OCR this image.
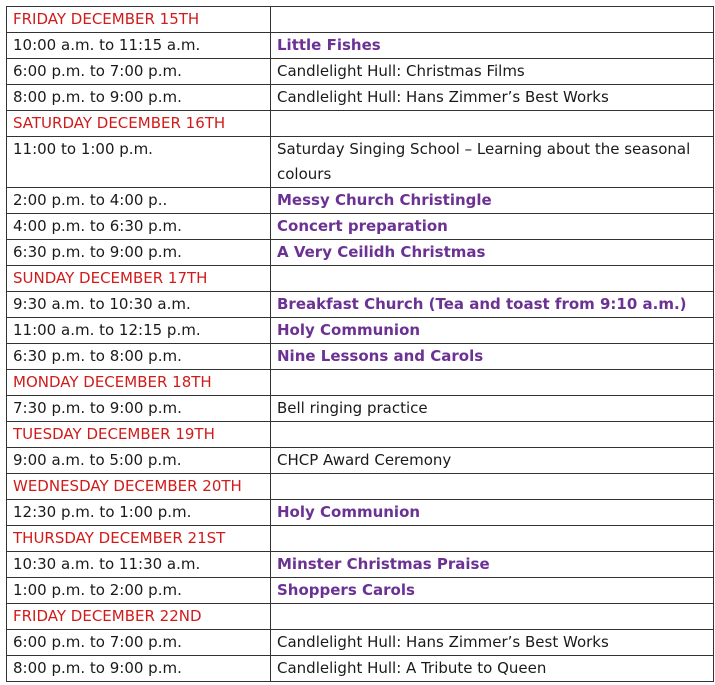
FRIDAY DECEMBER 15TH	
10:00 a.m. to 11:15 a.m.	Little Fishes
6:00 p.m. to 7:00 p.m.	Candlelight Hull: Christmas Films
8:00 p.m. to 9:00 p.m.	Candlelight Hull: Hans Zimmer’s Best Works
SATURDAY DECEMBER 16TH	
11:00 to 1:00 p.m.	Saturday Singing School – Learning about the seasonal colours
2:00 p.m. to 4:00 p..	Messy Church Christingle
4:00 p.m. to 6:30 p.m.	Concert preparation
6:30 p.m. to 9:00 p.m.	A Very Ceilidh Christmas
SUNDAY DECEMBER 17TH	
9:30 a.m. to 10:30 a.m.	Breakfast Church (Tea and toast from 9:10 a.m.)
11:00 a.m. to 12:15 p.m.	Holy Communion
6:30 p.m. to 8:00 p.m.	Nine Lessons and Carols
MONDAY DECEMBER 18TH	
7:30 p.m. to 9:00 p.m.	Bell ringing practice
TUESDAY DECEMBER 19TH	
9:00 a.m. to 5:00 p.m.	CHCP Award Ceremony
WEDNESDAY DECEMBER 20TH	
12:30 p.m. to 1:00 p.m.	Holy Communion
THURSDAY DECEMBER 21ST	
10:30 a.m. to 11:30 a.m.	Minster Christmas Praise
1:00 p.m. to 2:00 p.m.	Shoppers Carols
FRIDAY DECEMBER 22ND	
6:00 p.m. to 7:00 p.m.	Candlelight Hull: Hans Zimmer’s Best Works
8:00 p.m. to 9:00 p.m.	Candlelight Hull: A Tribute to Queen
